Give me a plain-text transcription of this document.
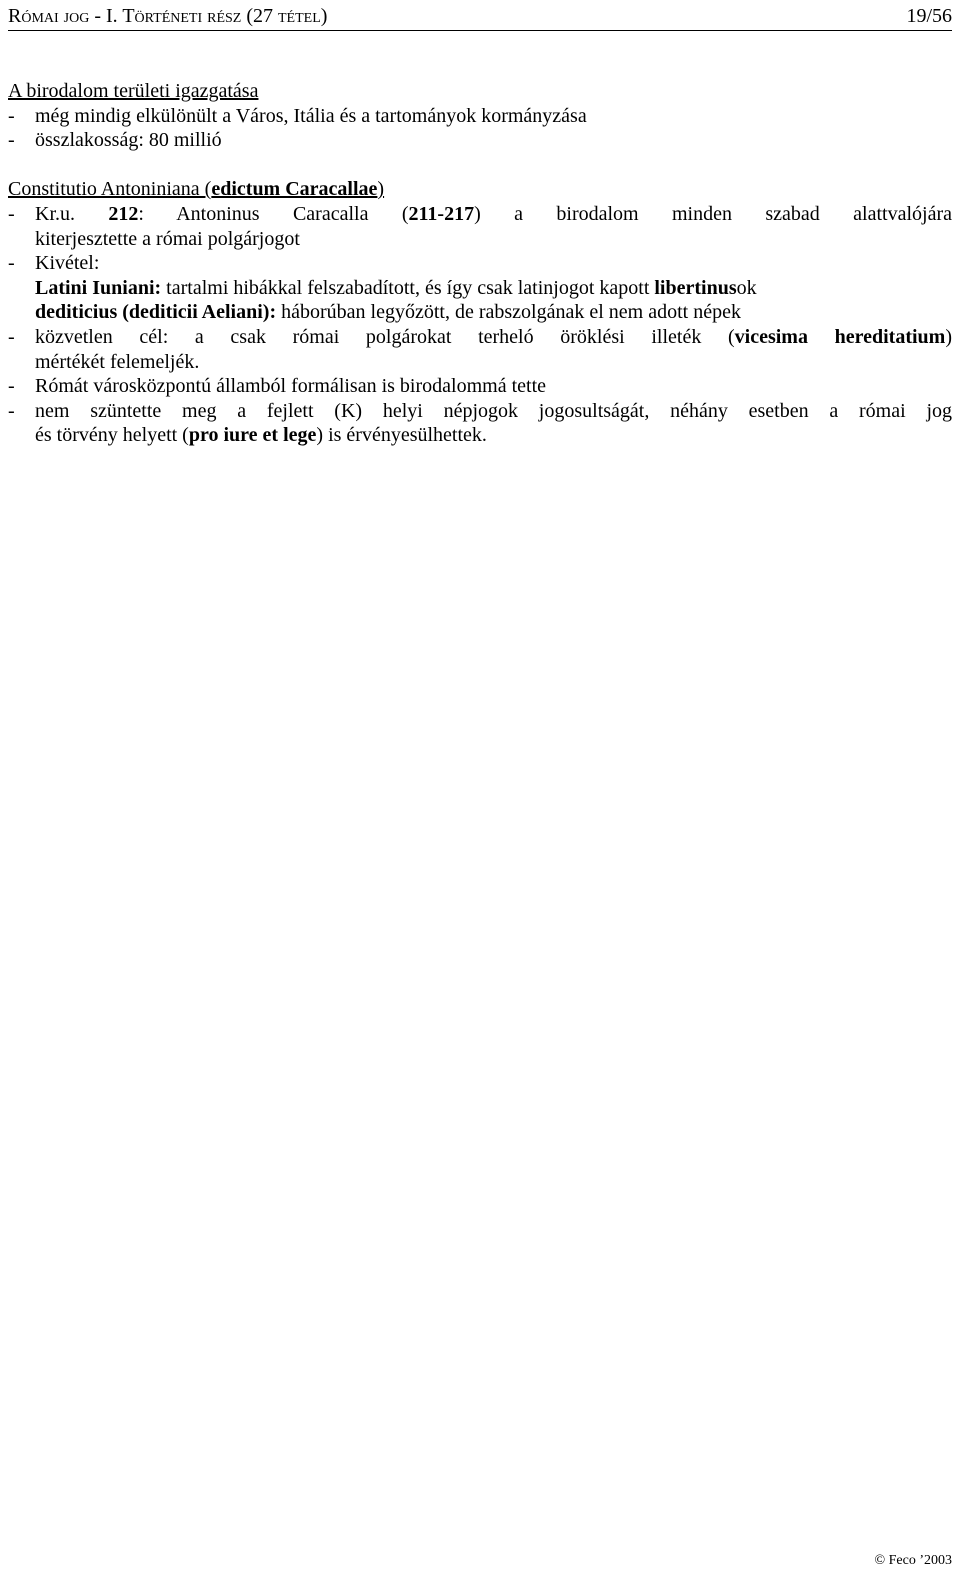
Római jog - I. Történeti rész (27 tétel)	19/56
A birodalom területi igazgatása
- még mindig elkülönült a Város, Itália és a tartományok kormányzása
- összlakosság: 80 millió
Constitutio Antoniniana (edictum Caracallae)
- Kr.u. 212: Antoninus Caracalla (211-217) a birodalom minden szabad alattvalójára
kiterjesztette a római polgárjogot
- Kivétel:
Latini Iuniani: tartalmi hibákkal felszabadított, és így csak latinjogot kapott libertinusok
dediticius (dediticii Aeliani): háborúban legyőzött, de rabszolgának el nem adott népek
- közvetlen cél: a csak római polgárokat terheló öröklési illeték (vicesima hereditatium)
mértékét felemeljék.
- Rómát városközpontú államból formálisan is birodalommá tette
- nem szüntette meg a fejlett (K) helyi népjogok jogosultságát, néhány esetben a római jog
és törvény helyett (pro iure et lege) is érvényesülhettek.
© Feco ’2003
